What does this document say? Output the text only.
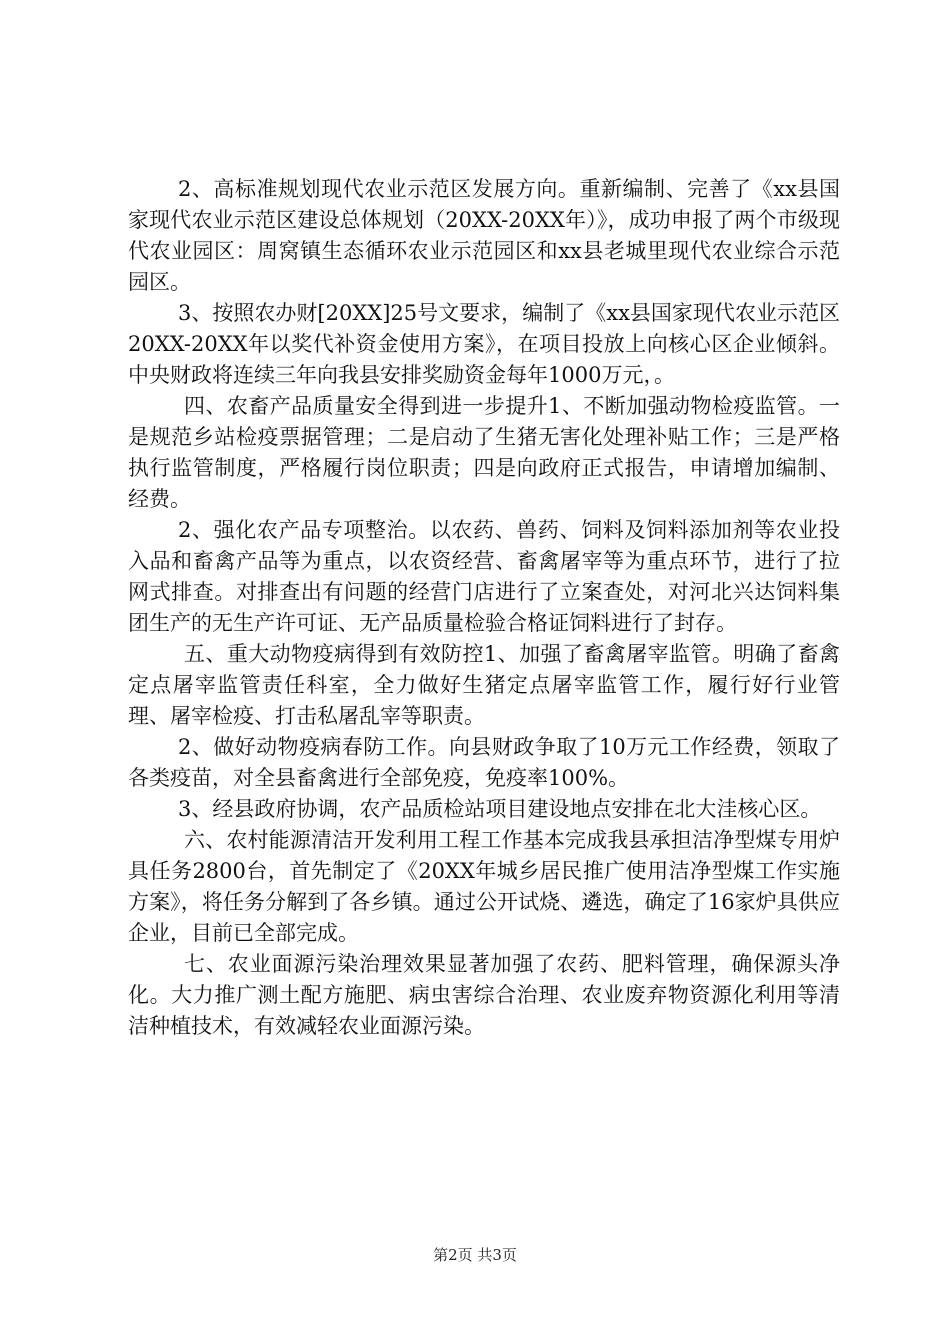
2、高标准规划现代农业示范区发展方向。重新编制、完善了《xx县国家现代农业示范区建设总体规划（20XX-20XX年）》，成功申报了两个市级现代农业园区：周窝镇生态循环农业示范园区和xx县老城里现代农业综合示范园区。

3、按照农办财[20XX]25号文要求，编制了《xx县国家现代农业示范区20XX-20XX年以奖代补资金使用方案》，在项目投放上向核心区企业倾斜。中央财政将连续三年向我县安排奖励资金每年1000万元，。

四、农畜产品质量安全得到进一步提升1、不断加强动物检疫监管。一是规范乡站检疫票据管理；二是启动了生猪无害化处理补贴工作；三是严格执行监管制度，严格履行岗位职责；四是向政府正式报告，申请增加编制、经费。

2、强化农产品专项整治。以农药、兽药、饲料及饲料添加剂等农业投入品和畜禽产品等为重点，以农资经营、畜禽屠宰等为重点环节，进行了拉网式排查。对排查出有问题的经营门店进行了立案查处，对河北兴达饲料集团生产的无生产许可证、无产品质量检验合格证饲料进行了封存。

五、重大动物疫病得到有效防控1、加强了畜禽屠宰监管。明确了畜禽定点屠宰监管责任科室，全力做好生猪定点屠宰监管工作，履行好行业管理、屠宰检疫、打击私屠乱宰等职责。

2、做好动物疫病春防工作。向县财政争取了10万元工作经费，领取了各类疫苗，对全县畜禽进行全部免疫，免疫率100%。

3、经县政府协调，农产品质检站项目建设地点安排在北大洼核心区。

六、农村能源清洁开发利用工程工作基本完成我县承担洁净型煤专用炉具任务2800台，首先制定了《20XX年城乡居民推广使用洁净型煤工作实施方案》，将任务分解到了各乡镇。通过公开试烧、遴选，确定了16家炉具供应企业，目前已全部完成。

七、农业面源污染治理效果显著加强了农药、肥料管理，确保源头净化。大力推广测土配方施肥、病虫害综合治理、农业废弃物资源化利用等清洁种植技术，有效减轻农业面源污染。

第2页 共3页
